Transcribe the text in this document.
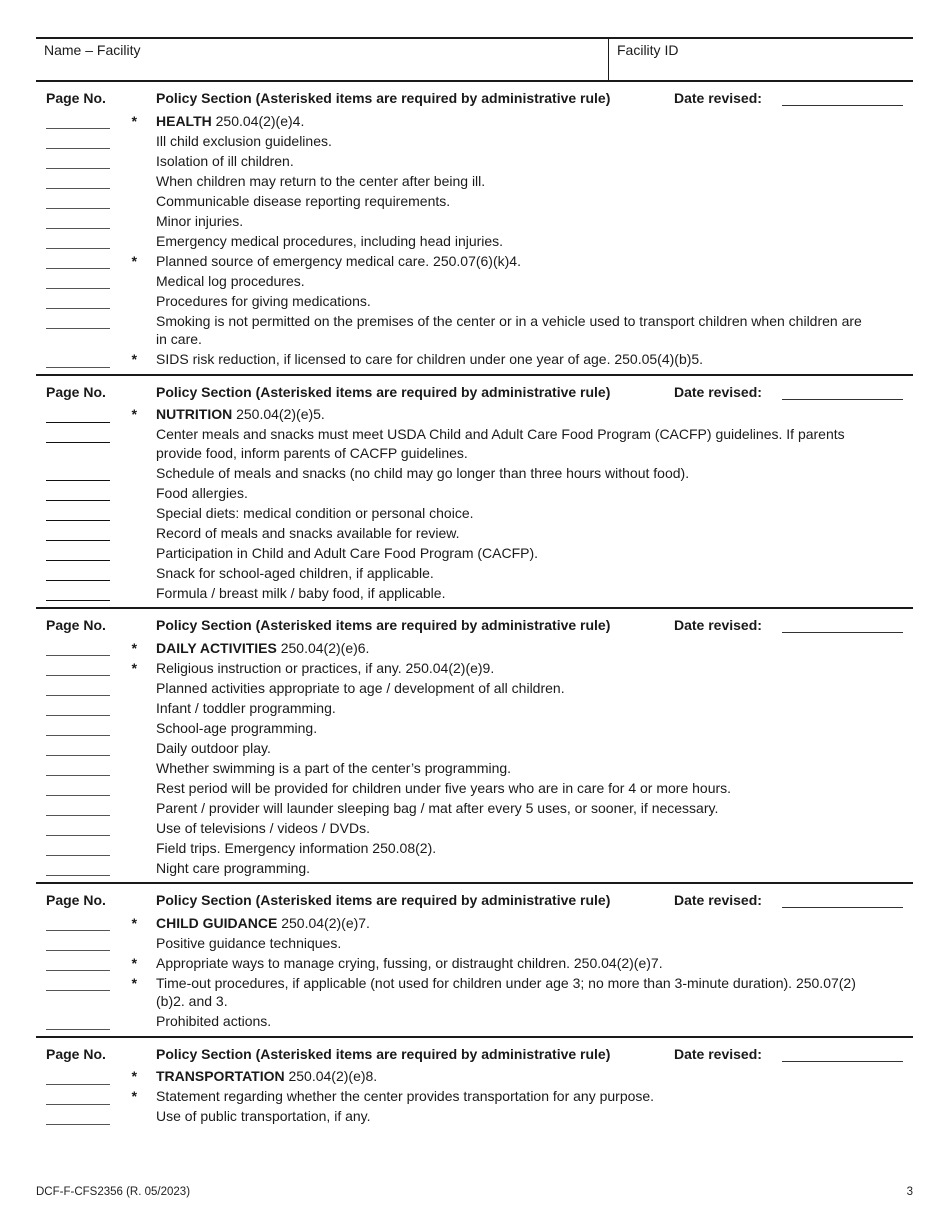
Name – Facility	Facility ID
Page No.	Policy Section (Asterisked items are required by administrative rule)	Date revised:
* HEALTH 250.04(2)(e)4.
Ill child exclusion guidelines.
Isolation of ill children.
When children may return to the center after being ill.
Communicable disease reporting requirements.
Minor injuries.
Emergency medical procedures, including head injuries.
* Planned source of emergency medical care. 250.07(6)(k)4.
Medical log procedures.
Procedures for giving medications.
Smoking is not permitted on the premises of the center or in a vehicle used to transport children when children are in care.
* SIDS risk reduction, if licensed to care for children under one year of age. 250.05(4)(b)5.
Page No.	Policy Section (Asterisked items are required by administrative rule)	Date revised:
* NUTRITION 250.04(2)(e)5.
Center meals and snacks must meet USDA Child and Adult Care Food Program (CACFP) guidelines. If parents provide food, inform parents of CACFP guidelines.
Schedule of meals and snacks (no child may go longer than three hours without food).
Food allergies.
Special diets: medical condition or personal choice.
Record of meals and snacks available for review.
Participation in Child and Adult Care Food Program (CACFP).
Snack for school-aged children, if applicable.
Formula / breast milk / baby food, if applicable.
Page No.	Policy Section (Asterisked items are required by administrative rule)	Date revised:
* DAILY ACTIVITIES 250.04(2)(e)6.
* Religious instruction or practices, if any. 250.04(2)(e)9.
Planned activities appropriate to age / development of all children.
Infant / toddler programming.
School-age programming.
Daily outdoor play.
Whether swimming is a part of the center’s programming.
Rest period will be provided for children under five years who are in care for 4 or more hours.
Parent / provider will launder sleeping bag / mat after every 5 uses, or sooner, if necessary.
Use of televisions / videos / DVDs.
Field trips. Emergency information 250.08(2).
Night care programming.
Page No.	Policy Section (Asterisked items are required by administrative rule)	Date revised:
* CHILD GUIDANCE 250.04(2)(e)7.
Positive guidance techniques.
* Appropriate ways to manage crying, fussing, or distraught children. 250.04(2)(e)7.
* Time-out procedures, if applicable (not used for children under age 3; no more than 3-minute duration). 250.07(2)(b)2. and 3.
Prohibited actions.
Page No.	Policy Section (Asterisked items are required by administrative rule)	Date revised:
* TRANSPORTATION 250.04(2)(e)8.
* Statement regarding whether the center provides transportation for any purpose.
Use of public transportation, if any.
DCF-F-CFS2356 (R. 05/2023)	3
